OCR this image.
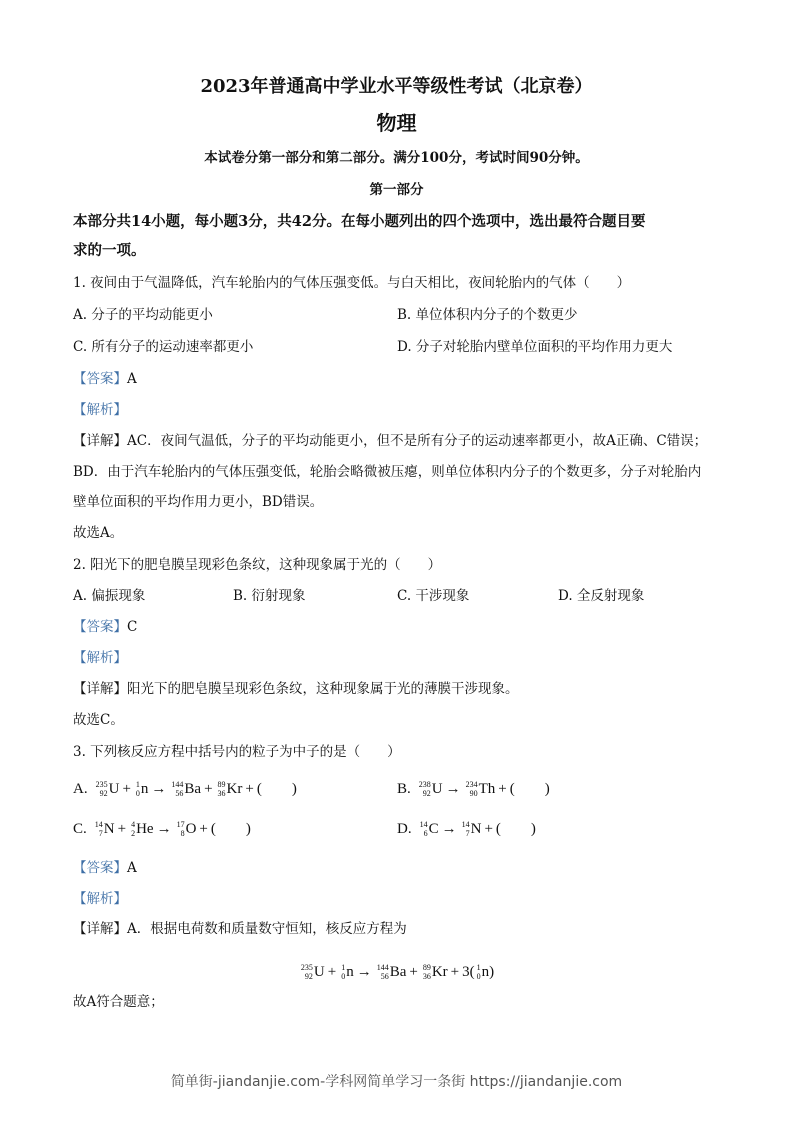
2023年普通高中学业水平等级性考试（北京卷）
物理
本试卷分第一部分和第二部分。满分100分，考试时间90分钟。
第一部分
本部分共14小题，每小题3分，共42分。在每小题列出的四个选项中，选出最符合题目要
求的一项。
1. 夜间由于气温降低，汽车轮胎内的气体压强变低。与白天相比，夜间轮胎内的气体（　　）
A. 分子的平均动能更小	B. 单位体积内分子的个数更少
C. 所有分子的运动速率都更小	D. 分子对轮胎内壁单位面积的平均作用力更大
【答案】A
【解析】
【详解】AC．夜间气温低，分子的平均动能更小，但不是所有分子的运动速率都更小，故A正确、C错误；
BD．由于汽车轮胎内的气体压强变低，轮胎会略微被压瘪，则单位体积内分子的个数更多，分子对轮胎内
壁单位面积的平均作用力更小，BD错误。
故选A。
2. 阳光下的肥皂膜呈现彩色条纹，这种现象属于光的（　　）
A. 偏振现象	B. 衍射现象	C. 干涉现象	D. 全反射现象
【答案】C
【解析】
【详解】阳光下的肥皂膜呈现彩色条纹，这种现象属于光的薄膜干涉现象。
故选C。
3. 下列核反应方程中括号内的粒子为中子的是（　　）
A. 235
92 U + 1
0 n → 144
56 Ba + 89
36 Kr + (　　)	B. 238
92 U → 234
90 Th + (　　)
C. 14
7 N + 4
2 He → 17
8 O + (　　)	D. 14
6 C → 14
7 N + (　　)
【答案】A
【解析】
【详解】A．根据电荷数和质量数守恒知，核反应方程为
235
92 U + 1
0 n → 144
56 Ba + 89
36 Kr + 3( 1
0 n )
故A符合题意；
简单街-jiandanjie.com-学科网简单学习一条街 https://jiandanjie.com
